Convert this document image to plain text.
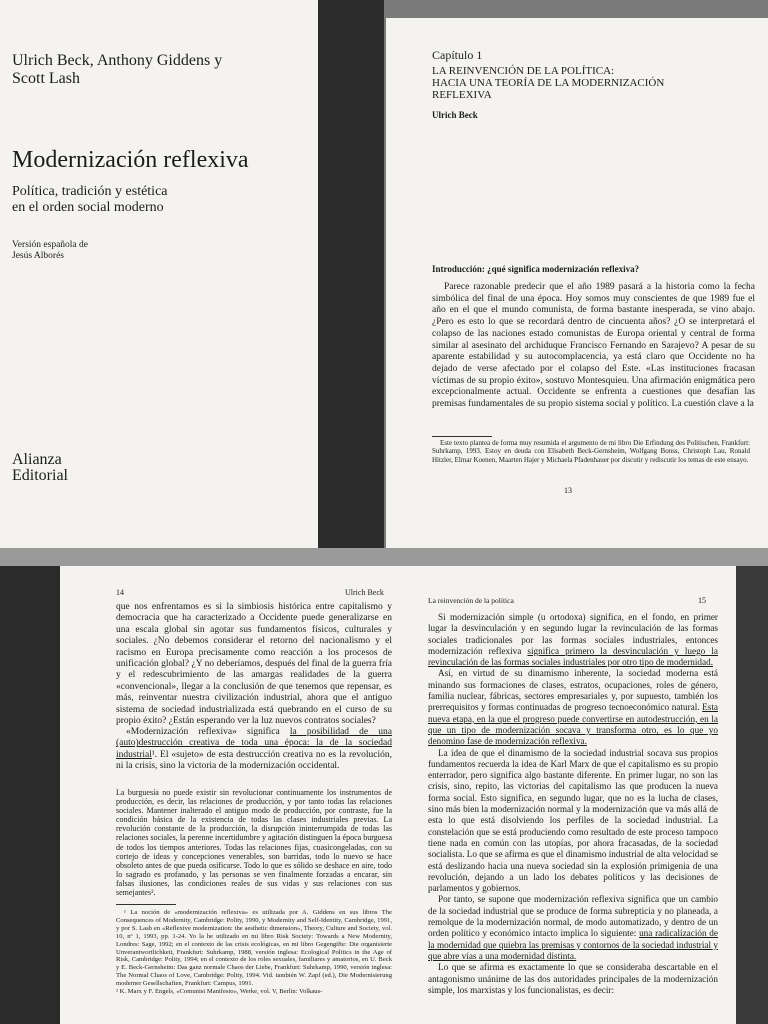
Ulrich Beck, Anthony Giddens y
Scott Lash
Modernización reflexiva
Política, tradición y estética
en el orden social moderno
Versión española de
Jesús Alborés
Alianza
Editorial
Capítulo 1
LA REINVENCIÓN DE LA POLÍTICA:
HACIA UNA TEORÍA DE LA MODERNIZACIÓN
REFLEXIVA
Ulrich Beck
Introducción: ¿qué significa modernización reflexiva?

Parece razonable predecir que el año 1989 pasará a la historia como la fecha simbólica del final de una época. Hoy somos muy conscientes de que 1989 fue el año en el que el mundo comunista, de forma bastante inesperada, se vino abajo. ¿Pero es esto lo que se recordará dentro de cincuenta años? ¿O se interpretará el colapso de las naciones estado comunistas de Europa oriental y central de forma similar al asesinato del archiduque Francisco Fernando en Sarajevo? A pesar de su aparente estabilidad y su autocomplacencia, ya está claro que Occidente no ha dejado de verse afectado por el colapso del Este. «Las instituciones fracasan víctimas de su propio éxito», sostuvo Montesquieu. Una afirmación enigmática pero excepcionalmente actual. Occidente se enfrenta a cuestiones que desafían las premisas fundamentales de su propio sistema social y político. La cuestión clave a la

Este texto plantea de forma muy resumida el argumento de mi libro Die Erfindung des Politischen, Frankfurt: Suhrkamp, 1993. Estoy en deuda con Elisabeth Beck-Gernsheim, Wolfgang Bonss, Christoph Lau, Ronald Hitzler, Elmar Koenen, Maarten Hajer y Michaela Pfadenhauer por discutir y rediscutir los temas de este ensayo.

13
14	Ulrich Beck

que nos enfrentamos es si la simbiosis histórica entre capitalismo y democracia que ha caracterizado a Occidente puede generalizarse en una escala global sin agotar sus fundamentos físicos, culturales y sociales. ¿No debemos considerar el retorno del nacionalismo y el racismo en Europa precisamente como reacción a los procesos de unificación global? ¿Y no deberíamos, después del final de la guerra fría y el redescubrimiento de las amargas realidades de la guerra «convencional», llegar a la conclusión de que tenemos que repensar, es más, reinventar nuestra civilización industrial, ahora que el antiguo sistema de sociedad industrializada está quebrando en el curso de su propio éxito? ¿Están esperando ver la luz nuevos contratos sociales?

«Modernización reflexiva» significa la posibilidad de una (auto)destrucción creativa de toda una época: la de la sociedad industrial¹. El «sujeto» de esta destrucción creativa no es la revolución, ni la crisis, sino la victoria de la modernización occidental.

La burguesía no puede existir sin revolucionar continuamente los instrumentos de producción, es decir, las relaciones de producción, y por tanto todas las relaciones sociales. Mantener inalterado el antiguo modo de producción, por contraste, fue la condición básica de la existencia de todas las clases industriales previas. La revolución constante de la producción, la disrupción ininterrumpida de todas las relaciones sociales, la perenne incertidumbre y agitación distinguen la época burguesa de todos los tiempos anteriores. Todas las relaciones fijas, cuasicongeladas, con su cortejo de ideas y concepciones venerables, son barridas, todo lo nuevo se hace obsoleto antes de que pueda osificarse. Todo lo que es sólido se deshace en aire, todo lo sagrado es profanado, y las personas se ven finalmente forzadas a encarar, sin falsas ilusiones, las condiciones reales de sus vidas y sus relaciones con sus semejantes².

¹ La noción de «modernización reflexiva» es utilizada por A. Giddens en sus libros The Consequences of Modernity, Cambridge: Polity, 1990, y Modernity and Self-Identity, Cambridge, 1991, y por S. Lash en «Reflexive modernization: the aesthetic dimension», Theory, Culture and Society, vol. 10, nº 1, 1993, pp. 1-24. Yo la he utilizado en mi libro Risk Society: Towards a New Modernity, Londres: Sage, 1992; en el contexto de las crisis ecológicas, en mi libro Gegengifte: Die organisierte Unverantwortlichkeit, Frankfurt: Suhrkamp, 1988, versión inglesa: Ecological Politics in the Age of Risk, Cambridge: Polity, 1994; en el contexto de los roles sexuales, familiares y amatorios, en U. Beck y E. Beck-Gernsheim: Das ganz normale Chaos der Liebe, Frankfurt: Suhrkamp, 1990, versión inglesa: The Normal Chaos of Love, Cambridge: Polity, 1994. Vid. también W. Zapf (ed.), Die Modernisierung moderner Gesellschaften, Frankfurt: Campus, 1991.
² K. Marx y F. Engels, «Comunist Manifesto», Werke, vol. V, Berlin: Volkaus-

La reinvención de la política	15

Si modernización simple (u ortodoxa) significa, en el fondo, en primer lugar la desvinculación y en segundo lugar la revinculación de las formas sociales tradicionales por las formas sociales industriales, entonces modernización reflexiva significa primero la desvinculación y luego la revinculación de las formas sociales industriales por otro tipo de modernidad.

Así, en virtud de su dinamismo inherente, la sociedad moderna está minando sus formaciones de clases, estratos, ocupaciones, roles de género, familia nuclear, fábricas, sectores empresariales y, por supuesto, también los prerrequisitos y formas continuadas de progreso tecnoeconómico natural. Esta nueva etapa, en la que el progreso puede convertirse en autodestrucción, en la que un tipo de modernización socava y transforma otro, es lo que yo denomino fase de modernización reflexiva.

La idea de que el dinamismo de la sociedad industrial socava sus propios fundamentos recuerda la idea de Karl Marx de que el capitalismo es su propio enterrador, pero significa algo bastante diferente. En primer lugar, no son las crisis, sino, repito, las victorias del capitalismo las que producen la nueva forma social. Esto significa, en segundo lugar, que no es la lucha de clases, sino más bien la modernización normal y la modernización que va más allá de esta lo que está disolviendo los perfiles de la sociedad industrial. La constelación que se está produciendo como resultado de este proceso tampoco tiene nada en común con las utopías, por ahora fracasadas, de la sociedad socialista. Lo que se afirma es que el dinamismo industrial de alta velocidad se está deslizando hacia una nueva sociedad sin la explosión primigenia de una revolución, dejando a un lado los debates políticos y las decisiones de parlamentos y gobiernos.

Por tanto, se supone que modernización reflexiva significa que un cambio de la sociedad industrial que se produce de forma subrepticia y no planeada, a remolque de la modernización normal, de modo automatizado, y dentro de un orden político y económico intacto implica lo siguiente: una radicalización de la modernidad que quiebra las premisas y contornos de la sociedad industrial y que abre vías a una modernidad distinta.

Lo que se afirma es exactamente lo que se consideraba descartable en el antagonismo unánime de las dos autoridades principales de la modernización simple, los marxistas y los funcionalistas, es decir:
